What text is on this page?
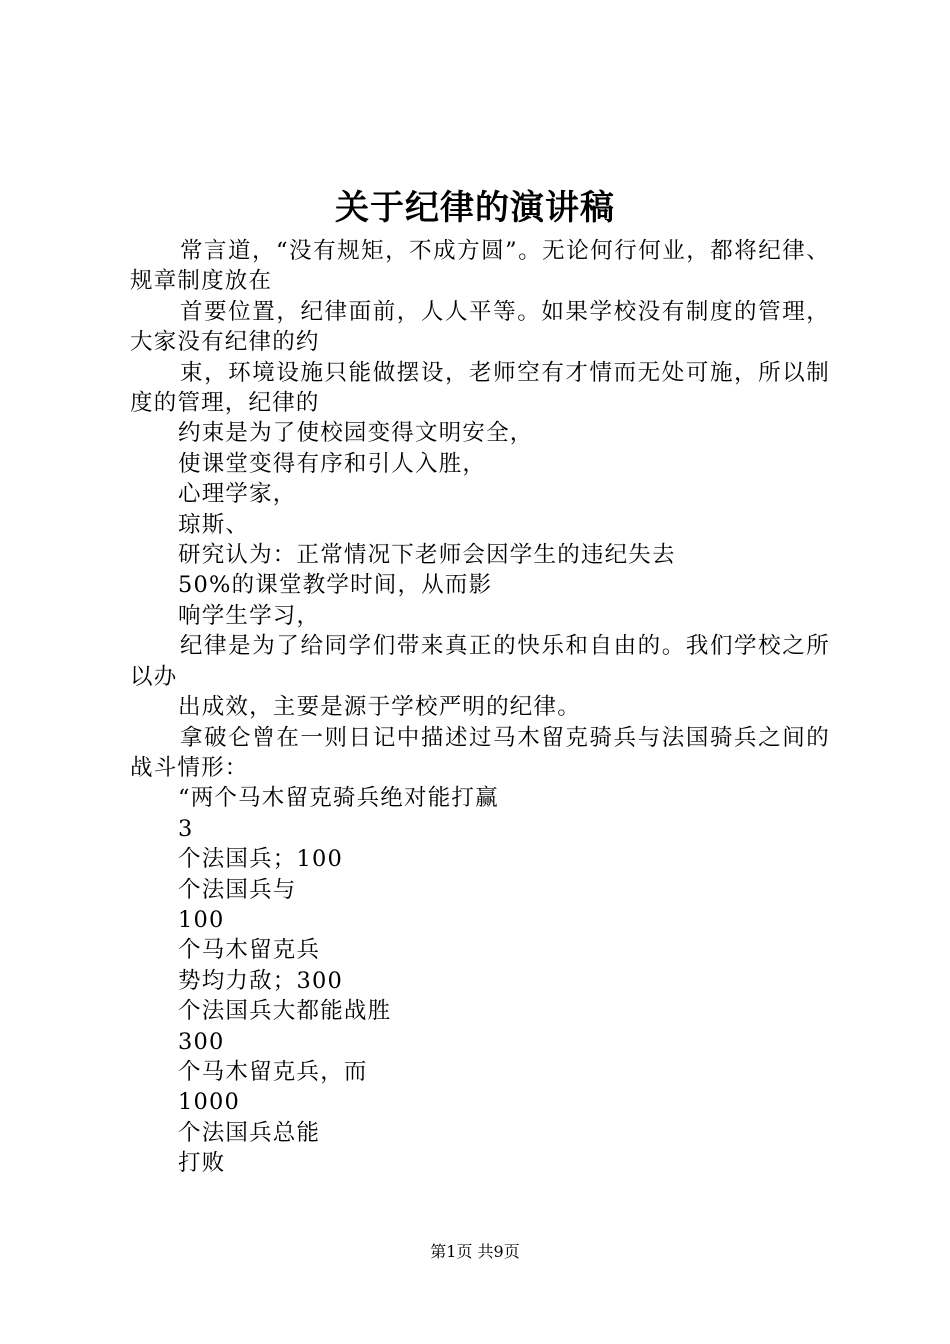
关于纪律的演讲稿

常言道，“没有规矩，不成方圆”。无论何行何业，都将纪律、规章制度放在

首要位置，纪律面前，人人平等。如果学校没有制度的管理，大家没有纪律的约

束，环境设施只能做摆设，老师空有才情而无处可施，所以制度的管理，纪律的

约束是为了使校园变得文明安全，

使课堂变得有序和引人入胜，

心理学家，

琼斯、

研究认为：正常情况下老师会因学生的违纪失去

50%的课堂教学时间，从而影

响学生学习，

纪律是为了给同学们带来真正的快乐和自由的。我们学校之所以办

出成效，主要是源于学校严明的纪律。

拿破仑曾在一则日记中描述过马木留克骑兵与法国骑兵之间的战斗情形：

“两个马木留克骑兵绝对能打赢

3

个法国兵；100

个法国兵与

100

个马木留克兵

势均力敌；300

个法国兵大都能战胜

300

个马木留克兵，而

1000

个法国兵总能

打败

第1页 共9页
